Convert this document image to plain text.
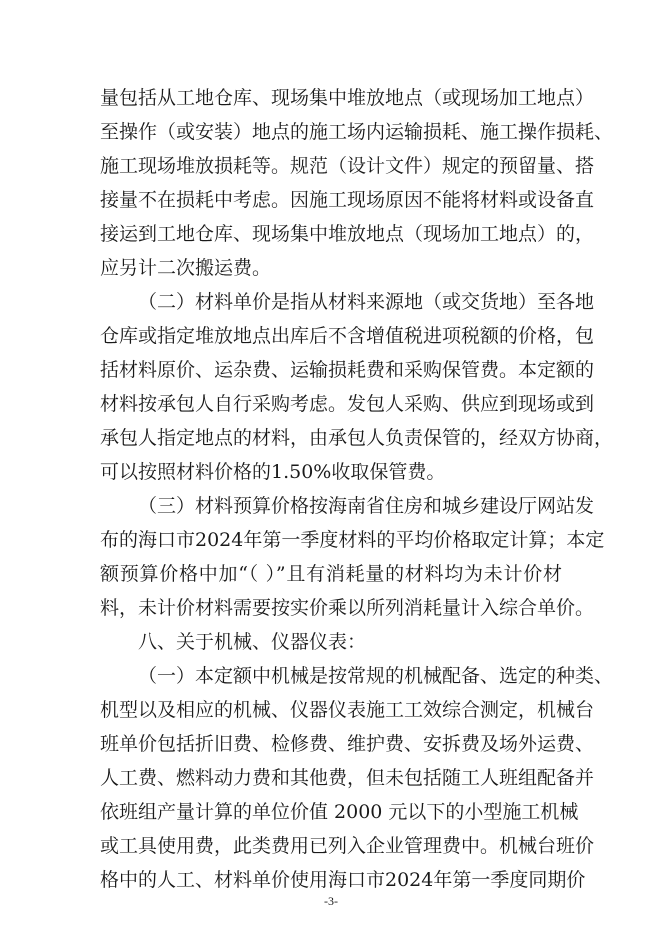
量包括从工地仓库、现场集中堆放地点（或现场加工地点）
至操作（或安装）地点的施工场内运输损耗、施工操作损耗、
施工现场堆放损耗等。规范（设计文件）规定的预留量、搭
接量不在损耗中考虑。因施工现场原因不能将材料或设备直
接运到工地仓库、现场集中堆放地点（现场加工地点）的，
应另计二次搬运费。
（二）材料单价是指从材料来源地（或交货地）至各地
仓库或指定堆放地点出库后不含增值税进项税额的价格，包
括材料原价、运杂费、运输损耗费和采购保管费。本定额的
材料按承包人自行采购考虑。发包人采购、供应到现场或到
承包人指定地点的材料，由承包人负责保管的，经双方协商，
可以按照材料价格的1.50%收取保管费。
（三）材料预算价格按海南省住房和城乡建设厅网站发
布的海口市2024年第一季度材料的平均价格取定计算；本定
额预算价格中加“（ ）”且有消耗量的材料均为未计价材
料，未计价材料需要按实价乘以所列消耗量计入综合单价。
八、关于机械、仪器仪表：
（一）本定额中机械是按常规的机械配备、选定的种类、
机型以及相应的机械、仪器仪表施工工效综合测定，机械台
班单价包括折旧费、检修费、维护费、安拆费及场外运费、
人工费、燃料动力费和其他费，但未包括随工人班组配备并
依班组产量计算的单位价值 2000 元以下的小型施工机械
或工具使用费，此类费用已列入企业管理费中。机械台班价
格中的人工、材料单价使用海口市2024年第一季度同期价
-3-
